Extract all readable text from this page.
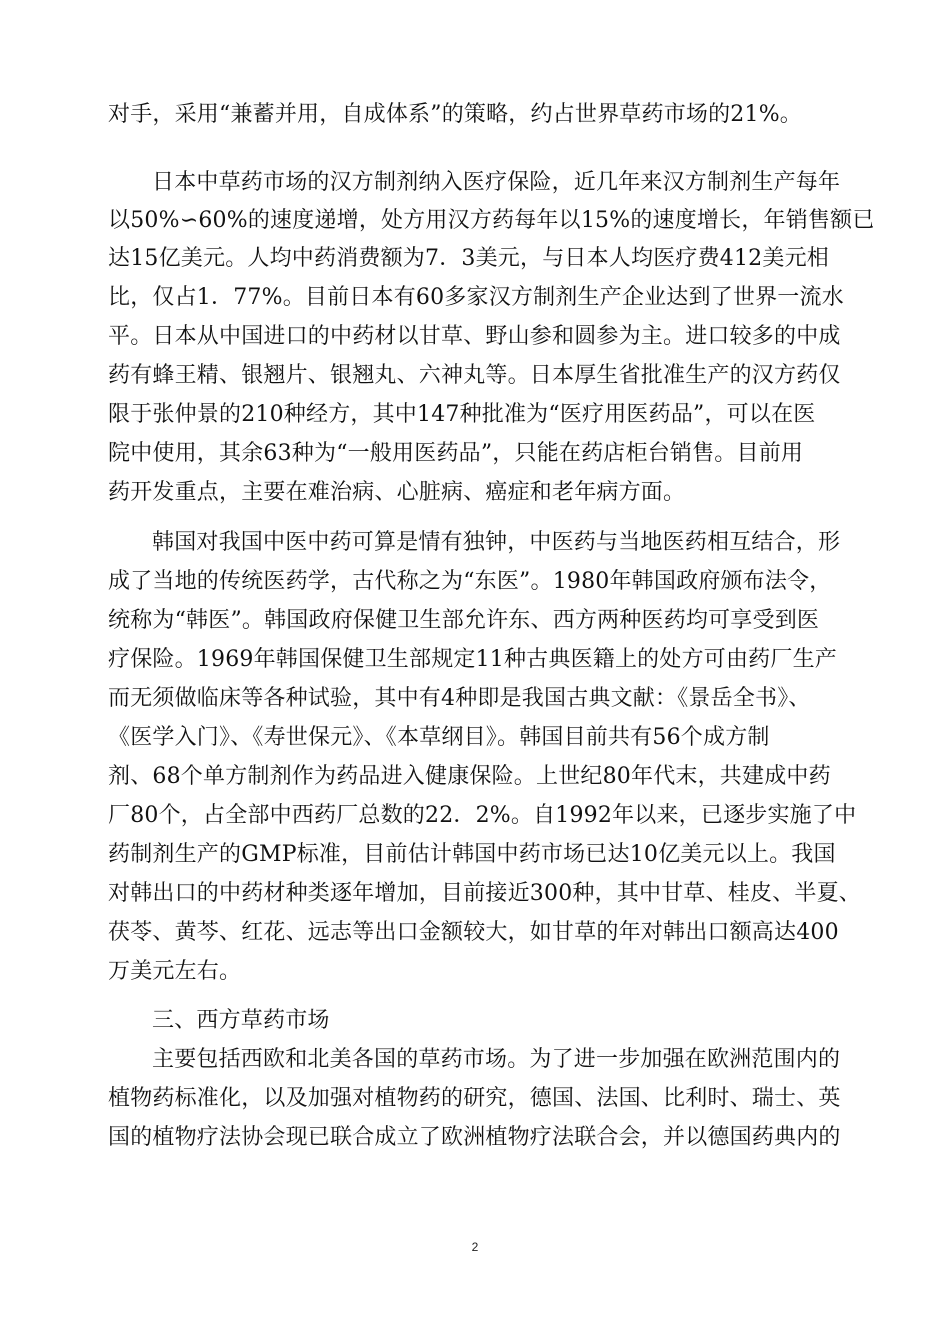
对手，采用“兼蓄并用，自成体系”的策略，约占世界草药市场的21%。
日本中草药市场的汉方制剂纳入医疗保险，近几年来汉方制剂生产每年
以50%∽60%的速度递增，处方用汉方药每年以15%的速度增长，年销售额已
达15亿美元。人均中药消费额为7．3美元，与日本人均医疗费412美元相
比，仅占1．77%。目前日本有60多家汉方制剂生产企业达到了世界一流水
平。日本从中国进口的中药材以甘草、野山参和圆参为主。进口较多的中成
药有蜂王精、银翘片、银翘丸、六神丸等。日本厚生省批准生产的汉方药仅
限于张仲景的210种经方，其中147种批准为“医疗用医药品”，可以在医
院中使用，其余63种为“一般用医药品”，只能在药店柜台销售。目前用
药开发重点，主要在难治病、心脏病、癌症和老年病方面。
韩国对我国中医中药可算是情有独钟，中医药与当地医药相互结合，形
成了当地的传统医药学，古代称之为“东医”。1980年韩国政府颁布法令，
统称为“韩医”。韩国政府保健卫生部允许东、西方两种医药均可享受到医
疗保险。1969年韩国保健卫生部规定11种古典医籍上的处方可由药厂生产
而无须做临床等各种试验，其中有4种即是我国古典文献：《景岳全书》、
《医学入门》、《寿世保元》、《本草纲目》。韩国目前共有56个成方制
剂、68个单方制剂作为药品进入健康保险。上世纪80年代末，共建成中药
厂80个，占全部中西药厂总数的22．2%。自1992年以来，已逐步实施了中
药制剂生产的GMP标准，目前估计韩国中药市场已达10亿美元以上。我国
对韩出口的中药材种类逐年增加，目前接近300种，其中甘草、桂皮、半夏、
茯苓、黄芩、红花、远志等出口金额较大，如甘草的年对韩出口额高达400
万美元左右。
三、西方草药市场
主要包括西欧和北美各国的草药市场。为了进一步加强在欧洲范围内的
植物药标准化，以及加强对植物药的研究，德国、法国、比利时、瑞士、英
国的植物疗法协会现已联合成立了欧洲植物疗法联合会，并以德国药典内的
2
